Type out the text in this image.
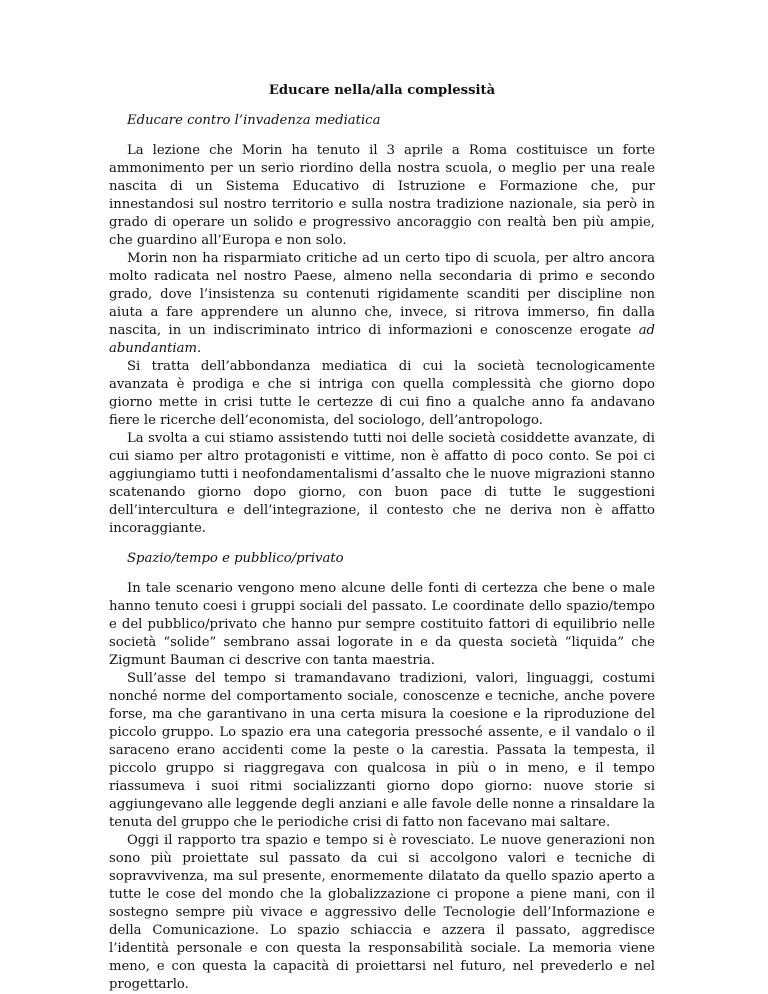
Educare nella/alla complessità
Educare contro l’invadenza mediatica

La lezione che Morin ha tenuto il 3 aprile a Roma costituisce un forte ammonimento per un serio riordino della nostra scuola, o meglio per una reale nascita di un Sistema Educativo di Istruzione e Formazione che, pur innestandosi sul nostro territorio e sulla nostra tradizione nazionale, sia però in grado di operare un solido e progressivo ancoraggio con realtà ben più ampie, che guardino all’Europa e non solo.

Morin non ha risparmiato critiche ad un certo tipo di scuola, per altro ancora molto radicata nel nostro Paese, almeno nella secondaria di primo e secondo grado, dove l’insistenza su contenuti rigidamente scanditi per discipline non aiuta a fare apprendere un alunno che, invece, si ritrova immerso, fin dalla nascita, in un indiscriminato intrico di informazioni e conoscenze erogate ad abundantiam.

Si tratta dell’abbondanza mediatica di cui la società tecnologicamente avanzata è prodiga e che si intriga con quella complessità che giorno dopo giorno mette in crisi tutte le certezze di cui fino a qualche anno fa andavano fiere le ricerche dell’economista, del sociologo, dell’antropologo.

La svolta a cui stiamo assistendo tutti noi delle società cosiddette avanzate, di cui siamo per altro protagonisti e vittime, non è affatto di poco conto. Se poi ci aggiungiamo tutti i neofondamentalismi d’assalto che le nuove migrazioni stanno scatenando giorno dopo giorno, con buon pace di tutte le suggestioni dell’intercultura e dell’integrazione, il contesto che ne deriva non è affatto incoraggiante.

Spazio/tempo e pubblico/privato

In tale scenario vengono meno alcune delle fonti di certezza che bene o male hanno tenuto coesi i gruppi sociali del passato. Le coordinate dello spazio/tempo e del pubblico/privato che hanno pur sempre costituito fattori di equilibrio nelle società “solide” sembrano assai logorate in e da questa società “liquida” che Zigmunt Bauman ci descrive con tanta maestria.

Sull’asse del tempo si tramandavano tradizioni, valori, linguaggi, costumi nonché norme del comportamento sociale, conoscenze e tecniche, anche povere forse, ma che garantivano in una certa misura la coesione e la riproduzione del piccolo gruppo. Lo spazio era una categoria pressoché assente, e il vandalo o il saraceno erano accidenti come la peste o la carestia. Passata la tempesta, il piccolo gruppo si riaggregava con qualcosa in più o in meno, e il tempo riassumeva i suoi ritmi socializzanti giorno dopo giorno: nuove storie si aggiungevano alle leggende degli anziani e alle favole delle nonne a rinsaldare la tenuta del gruppo che le periodiche crisi di fatto non facevano mai saltare.

Oggi il rapporto tra spazio e tempo si è rovesciato. Le nuove generazioni non sono più proiettate sul passato da cui si accolgono valori e tecniche di sopravvivenza, ma sul presente, enormemente dilatato da quello spazio aperto a tutte le cose del mondo che la globalizzazione ci propone a piene mani, con il sostegno sempre più vivace e aggressivo delle Tecnologie dell’Informazione e della Comunicazione. Lo spazio schiaccia e azzera il passato, aggredisce l’identità personale e con questa la responsabilità sociale. La memoria viene meno, e con questa la capacità di proiettarsi nel futuro, nel prevederlo e nel progettarlo.
